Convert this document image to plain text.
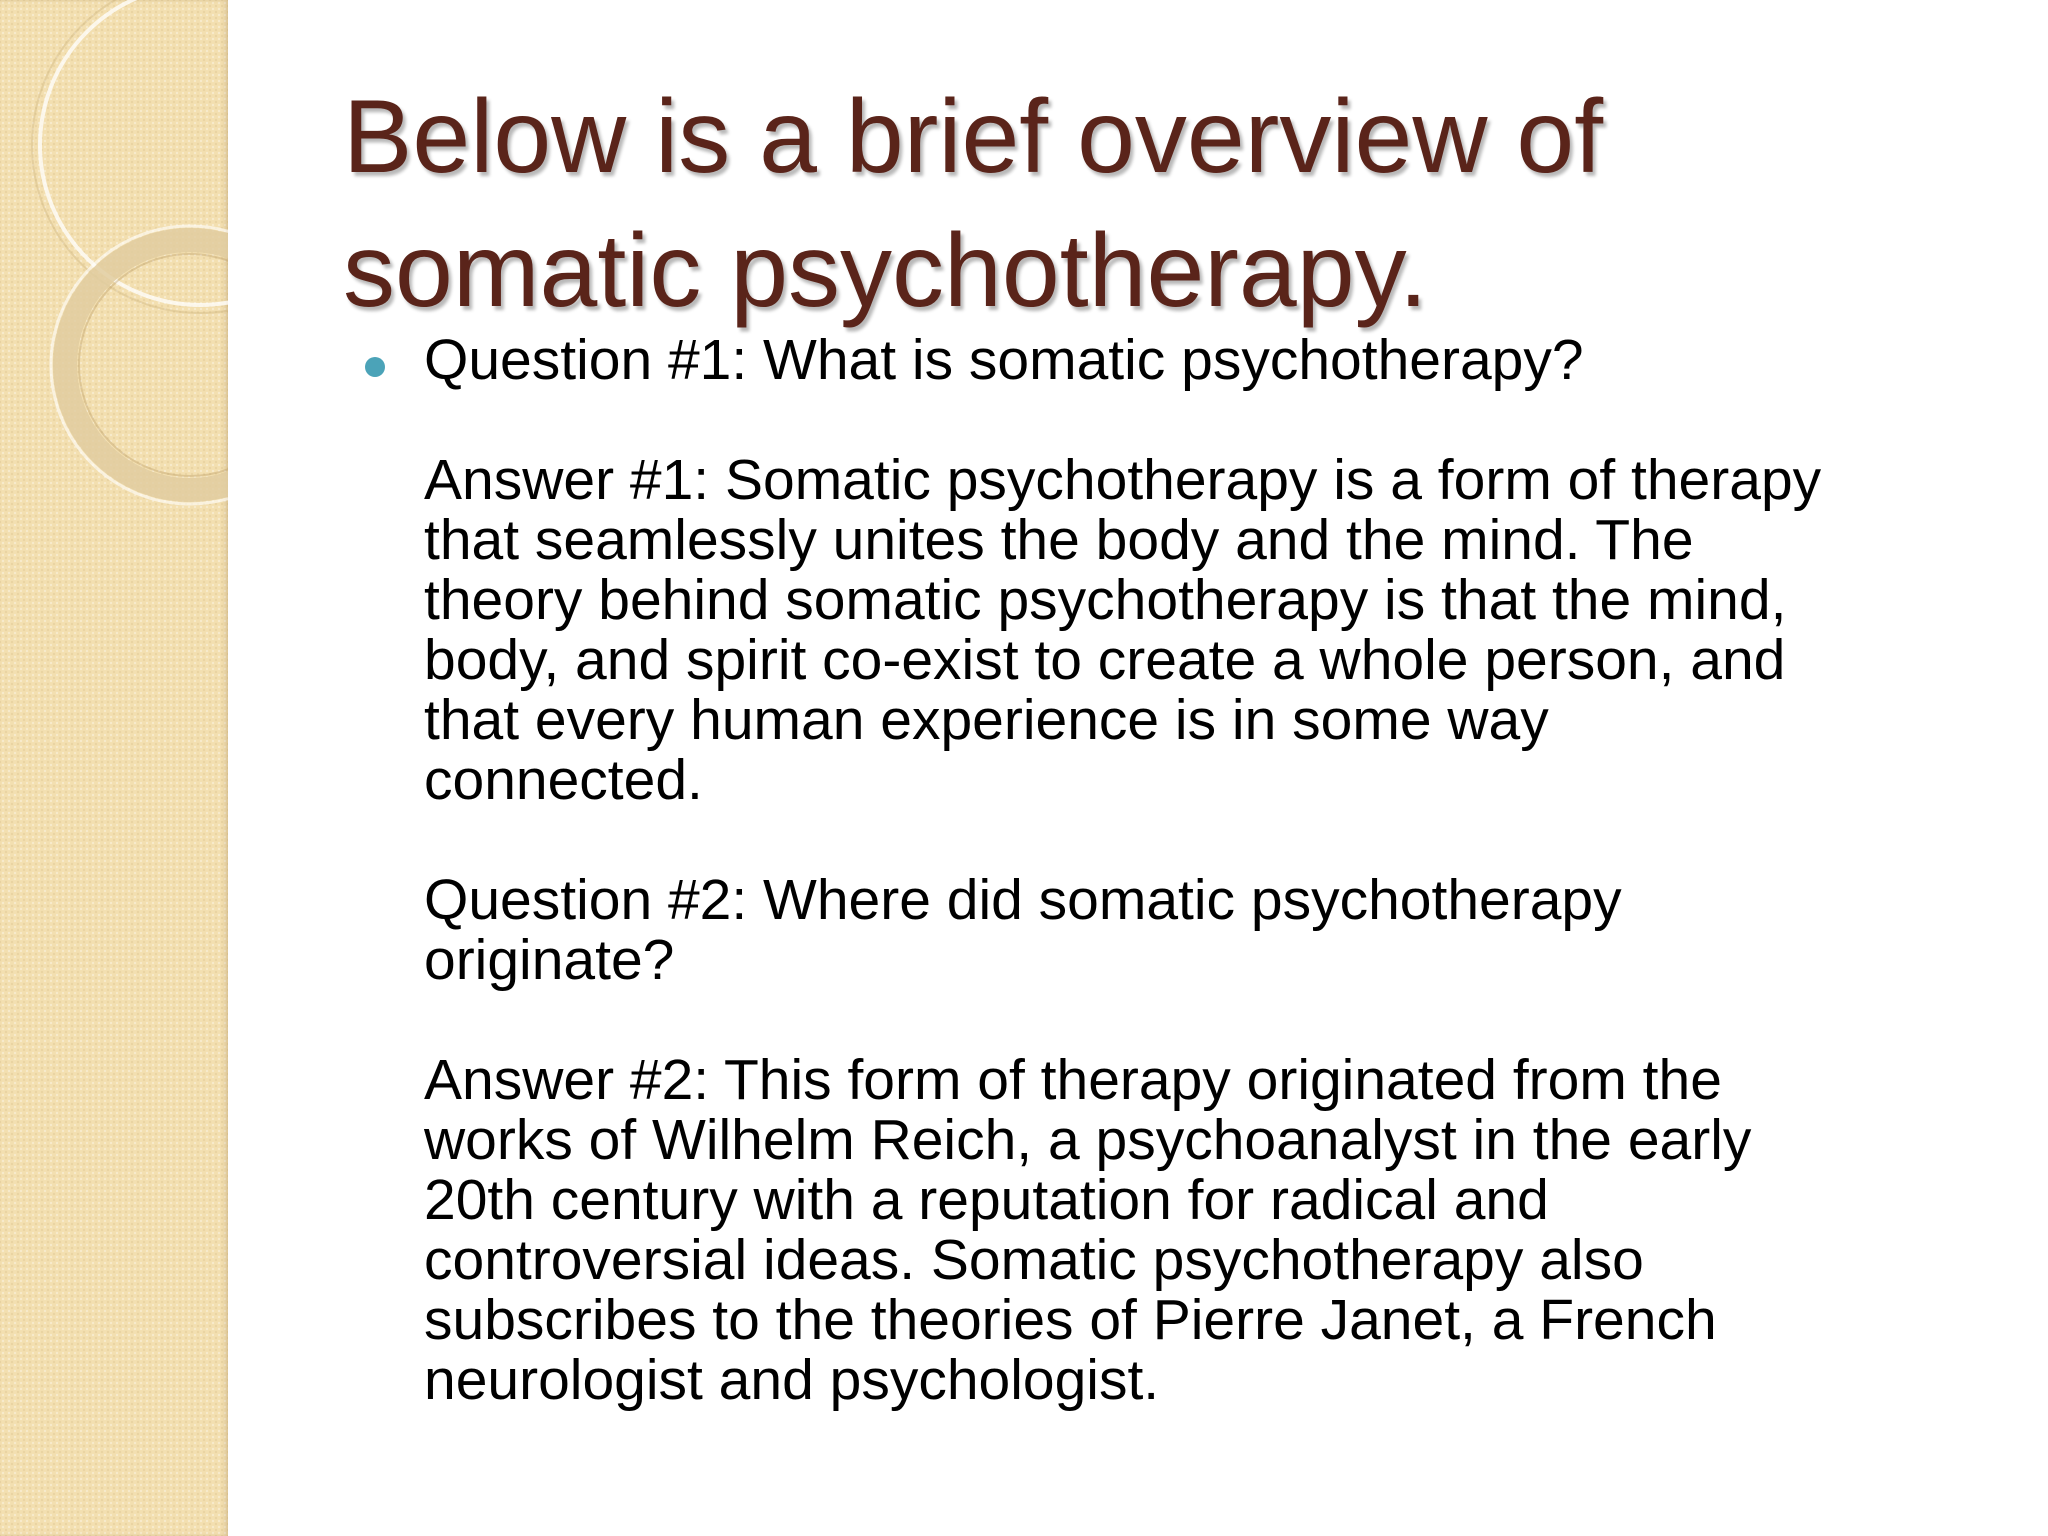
Below is a brief overview of
somatic psychotherapy.

Question #1: What is somatic psychotherapy?

Answer #1: Somatic psychotherapy is a form of therapy
that seamlessly unites the body and the mind. The
theory behind somatic psychotherapy is that the mind,
body, and spirit co-exist to create a whole person, and
that every human experience is in some way
connected.

Question #2: Where did somatic psychotherapy
originate?

Answer #2: This form of therapy originated from the
works of Wilhelm Reich, a psychoanalyst in the early
20th century with a reputation for radical and
controversial ideas. Somatic psychotherapy also
subscribes to the theories of Pierre Janet, a French
neurologist and psychologist.
